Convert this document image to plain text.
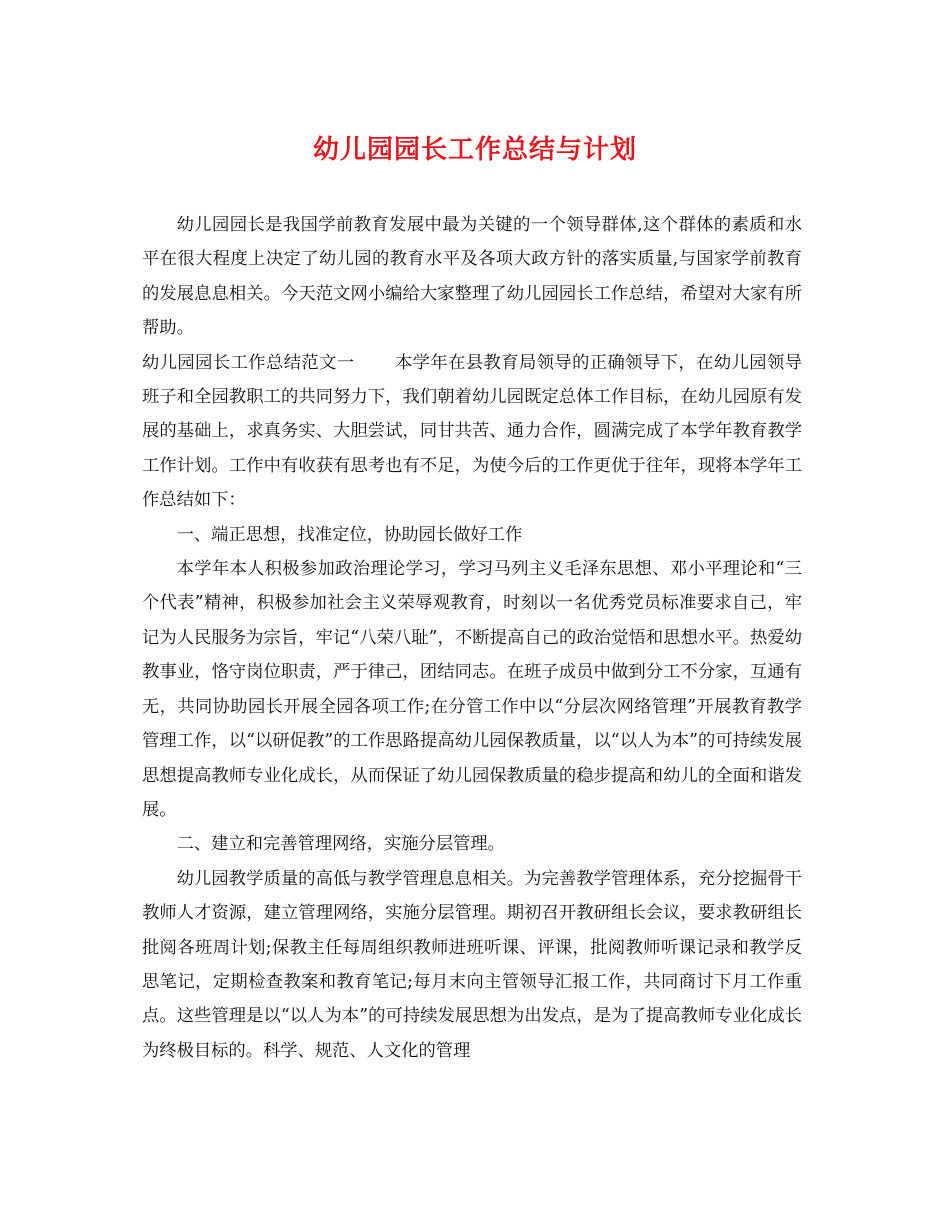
幼儿园园长工作总结与计划

幼儿园园长是我国学前教育发展中最为关键的一个领导群体,这个群体的素质和水平在很大程度上决定了幼儿园的教育水平及各项大政方针的落实质量,与国家学前教育的发展息息相关。今天范文网小编给大家整理了幼儿园园长工作总结，希望对大家有所帮助。

幼儿园园长工作总结范文一 本学年在县教育局领导的正确领导下，在幼儿园领导班子和全园教职工的共同努力下，我们朝着幼儿园既定总体工作目标，在幼儿园原有发展的基础上，求真务实、大胆尝试，同甘共苦、通力合作，圆满完成了本学年教育教学工作计划。工作中有收获有思考也有不足，为使今后的工作更优于往年，现将本学年工作总结如下：

一、端正思想，找准定位，协助园长做好工作

本学年本人积极参加政治理论学习，学习马列主义毛泽东思想、邓小平理论和“三个代表”精神，积极参加社会主义荣辱观教育，时刻以一名优秀党员标准要求自己，牢记为人民服务为宗旨，牢记“八荣八耻”，不断提高自己的政治觉悟和思想水平。热爱幼教事业，恪守岗位职责，严于律己，团结同志。在班子成员中做到分工不分家，互通有无，共同协助园长开展全园各项工作;在分管工作中以“分层次网络管理”开展教育教学管理工作，以“以研促教”的工作思路提高幼儿园保教质量，以“以人为本”的可持续发展思想提高教师专业化成长，从而保证了幼儿园保教质量的稳步提高和幼儿的全面和谐发展。

二、建立和完善管理网络，实施分层管理。

幼儿园教学质量的高低与教学管理息息相关。为完善教学管理体系，充分挖掘骨干教师人才资源，建立管理网络，实施分层管理。期初召开教研组长会议，要求教研组长批阅各班周计划;保教主任每周组织教师进班听课、评课，批阅教师听课记录和教学反思笔记，定期检查教案和教育笔记;每月末向主管领导汇报工作，共同商讨下月工作重点。这些管理是以“以人为本”的可持续发展思想为出发点，是为了提高教师专业化成长为终极目标的。科学、规范、人文化的管理
